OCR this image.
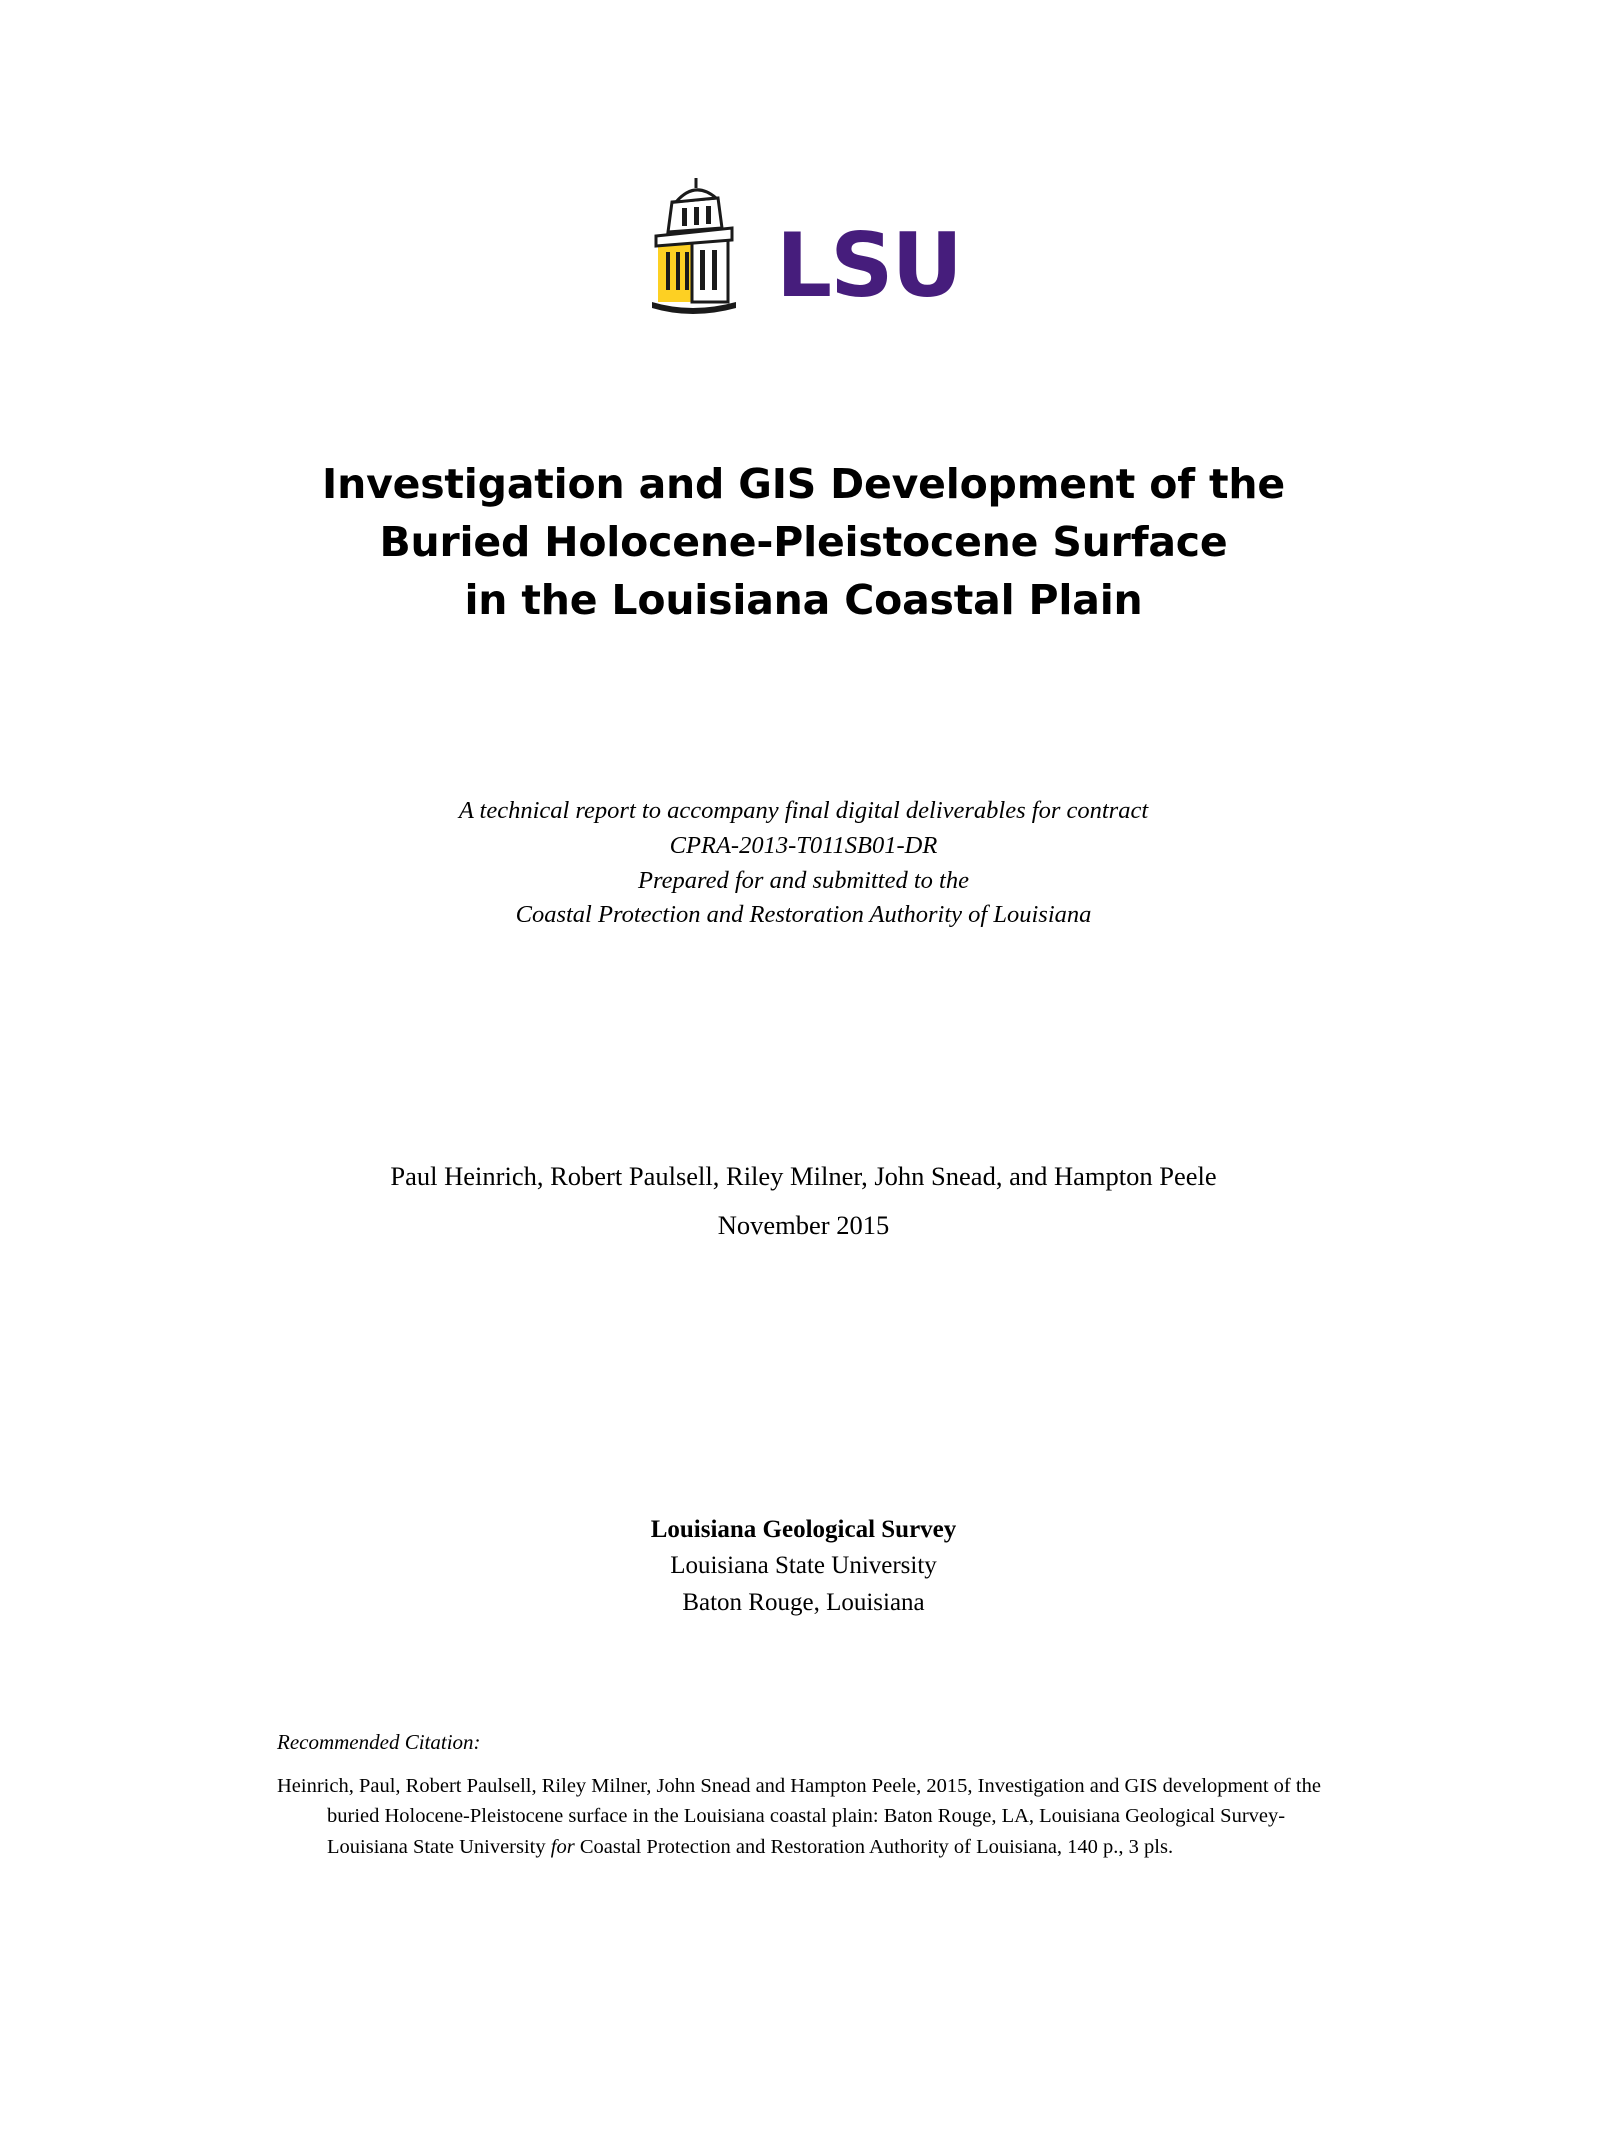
LSU
Investigation and GIS Development of the
Buried Holocene-Pleistocene Surface
in the Louisiana Coastal Plain
A technical report to accompany final digital deliverables for contract
CPRA-2013-T011SB01-DR
Prepared for and submitted to the
Coastal Protection and Restoration Authority of Louisiana
Paul Heinrich, Robert Paulsell, Riley Milner, John Snead, and Hampton Peele
November 2015
Louisiana Geological Survey
Louisiana State University
Baton Rouge, Louisiana
Recommended Citation:
Heinrich, Paul, Robert Paulsell, Riley Milner, John Snead and Hampton Peele, 2015, Investigation and GIS development of the buried Holocene-Pleistocene surface in the Louisiana coastal plain: Baton Rouge, LA, Louisiana Geological Survey-Louisiana State University for Coastal Protection and Restoration Authority of Louisiana, 140 p., 3 pls.
